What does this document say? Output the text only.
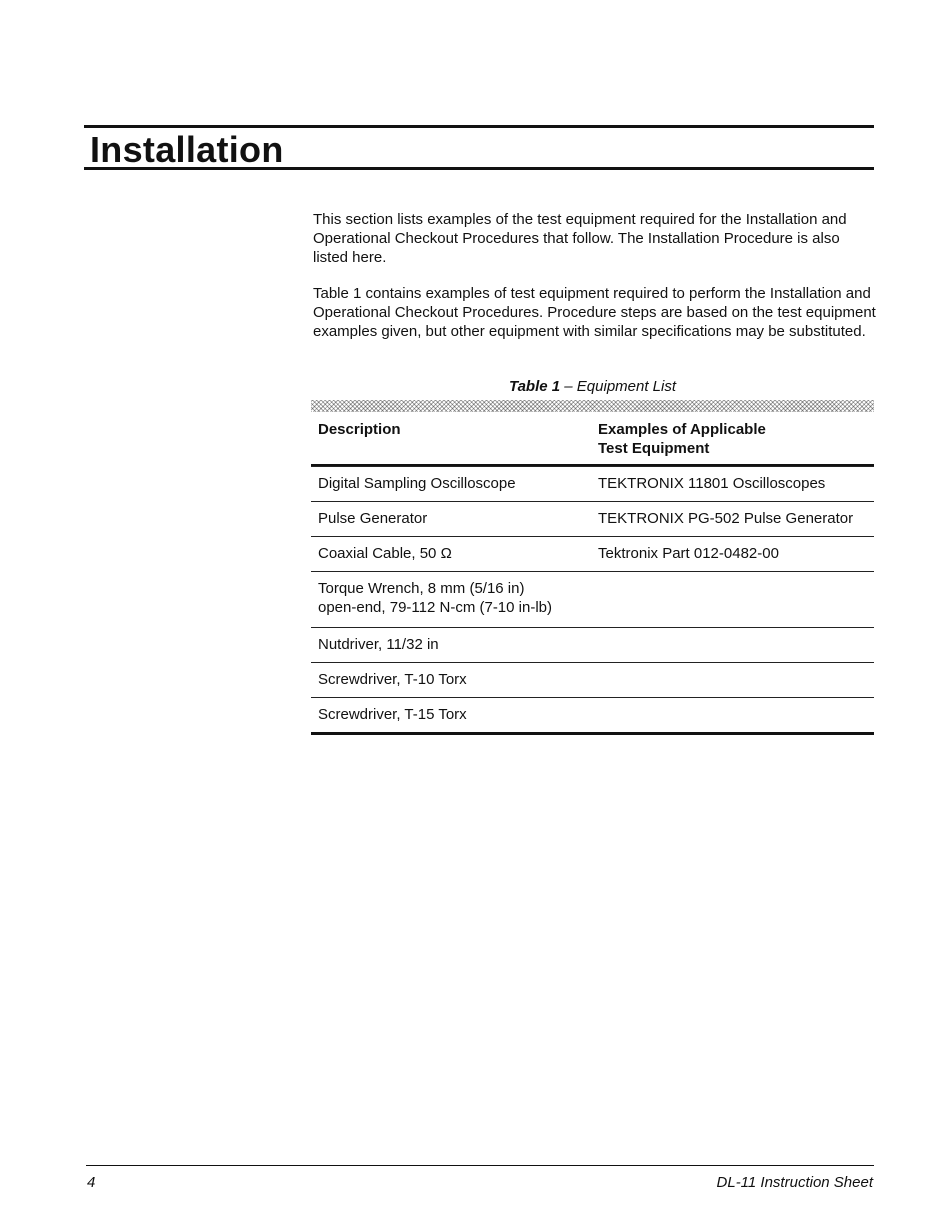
Installation

This section lists examples of the test equipment required for the Installation and Operational Checkout Procedures that follow. The Installation Procedure is also listed here.

Table 1 contains examples of test equipment required to perform the Installation and Operational Checkout Procedures. Procedure steps are based on the test equipment examples given, but other equipment with similar specifications may be substituted.

Table 1 – Equipment List
Description	Examples of Applicable
Test Equipment
Digital Sampling Oscilloscope	TEKTRONIX 11801 Oscilloscopes
Pulse Generator	TEKTRONIX PG-502 Pulse Generator
Coaxial Cable, 50 Ω	Tektronix Part 012-0482-00
Torque Wrench, 8 mm (5/16 in)
open-end, 79-112 N-cm (7-10 in-lb)
Nutdriver, 11/32 in
Screwdriver, T-10 Torx
Screwdriver, T-15 Torx
4	DL-11 Instruction Sheet
